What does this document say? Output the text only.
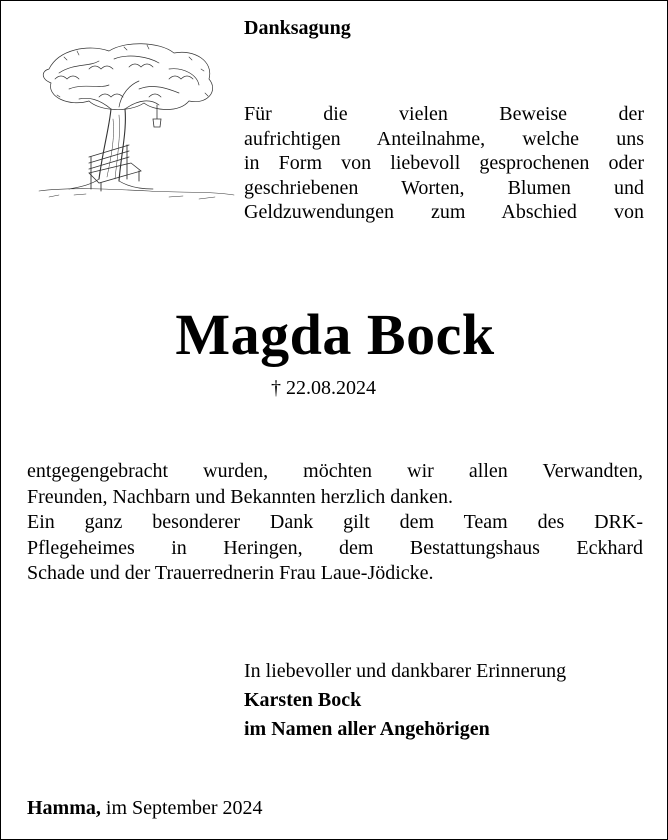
Danksagung
Für die vielen Beweise der
aufrichtigen Anteilnahme, welche uns
in Form von liebevoll gesprochenen oder
geschriebenen Worten, Blumen und
Geldzuwendungen zum Abschied von
Magda Bock
† 22.08.2024
entgegengebracht wurden, möchten wir allen Verwandten,
Freunden, Nachbarn und Bekannten herzlich danken.
Ein ganz besonderer Dank gilt dem Team des DRK-
Pflegeheimes in Heringen, dem Bestattungshaus Eckhard
Schade und der Trauerrednerin Frau Laue-Jödicke.
In liebevoller und dankbarer Erinnerung
Karsten Bock
im Namen aller Angehörigen
Hamma, im September 2024
